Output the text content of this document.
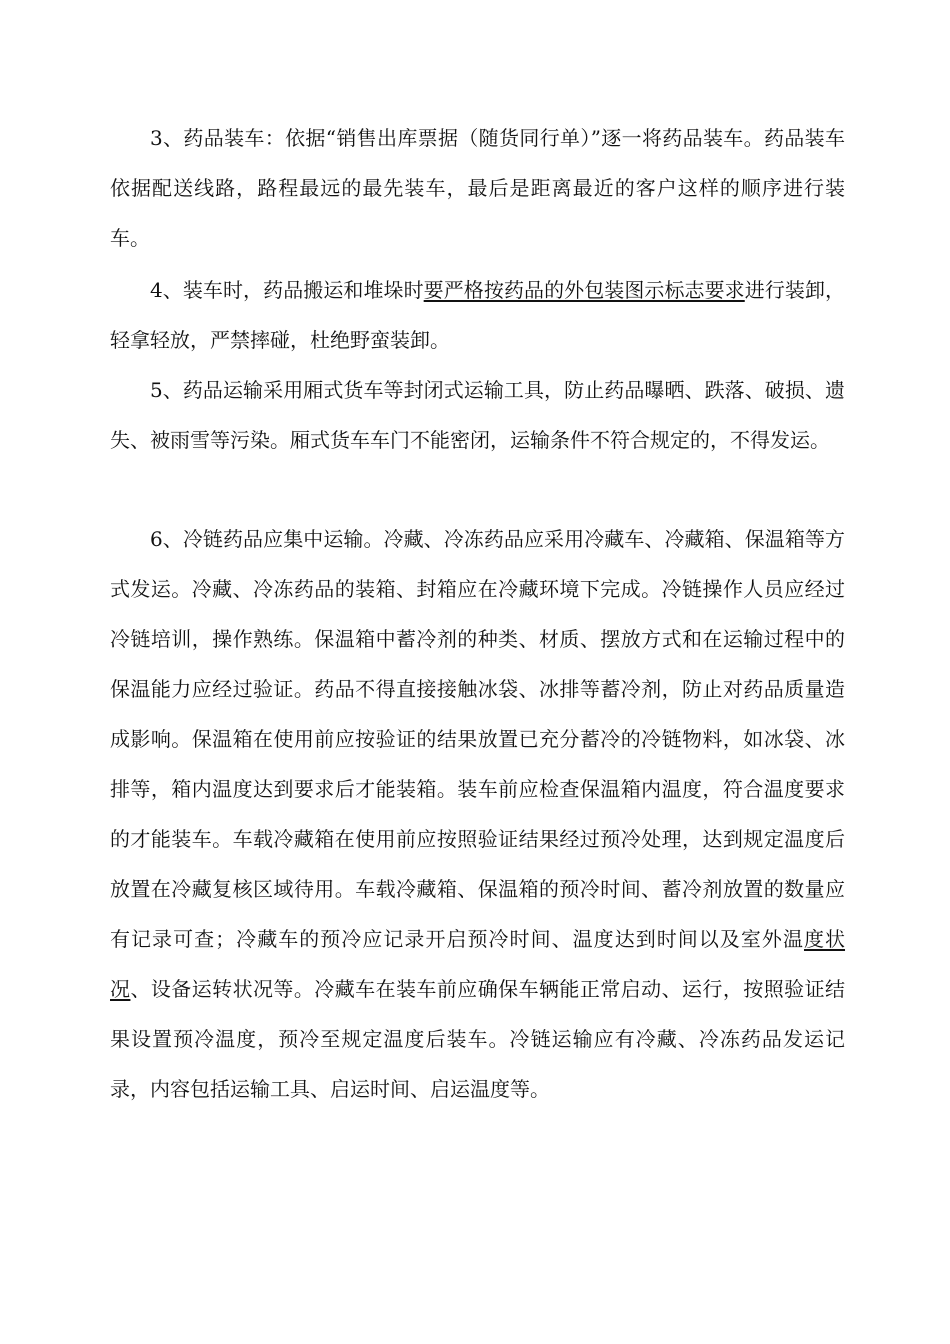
3、药品装车：依据“销售出库票据（随货同行单）”逐一将药品装车。药品装车依据配送线路，路程最远的最先装车，最后是距离最近的客户这样的顺序进行装车。

4、装车时，药品搬运和堆垛时要严格按药品的外包装图示标志要求进行装卸，轻拿轻放，严禁摔碰，杜绝野蛮装卸。

5、药品运输采用厢式货车等封闭式运输工具，防止药品曝晒、跌落、破损、遗失、被雨雪等污染。厢式货车车门不能密闭，运输条件不符合规定的，不得发运。

6、冷链药品应集中运输。冷藏、冷冻药品应采用冷藏车、冷藏箱、保温箱等方式发运。冷藏、冷冻药品的装箱、封箱应在冷藏环境下完成。冷链操作人员应经过冷链培训，操作熟练。保温箱中蓄冷剂的种类、材质、摆放方式和在运输过程中的保温能力应经过验证。药品不得直接接触冰袋、冰排等蓄冷剂，防止对药品质量造成影响。保温箱在使用前应按验证的结果放置已充分蓄冷的冷链物料，如冰袋、冰排等，箱内温度达到要求后才能装箱。装车前应检查保温箱内温度，符合温度要求的才能装车。车载冷藏箱在使用前应按照验证结果经过预冷处理，达到规定温度后放置在冷藏复核区域待用。车载冷藏箱、保温箱的预冷时间、蓄冷剂放置的数量应有记录可查；冷藏车的预冷应记录开启预冷时间、温度达到时间以及室外温度状况、设备运转状况等。冷藏车在装车前应确保车辆能正常启动、运行，按照验证结果设置预冷温度，预冷至规定温度后装车。冷链运输应有冷藏、冷冻药品发运记录，内容包括运输工具、启运时间、启运温度等。
